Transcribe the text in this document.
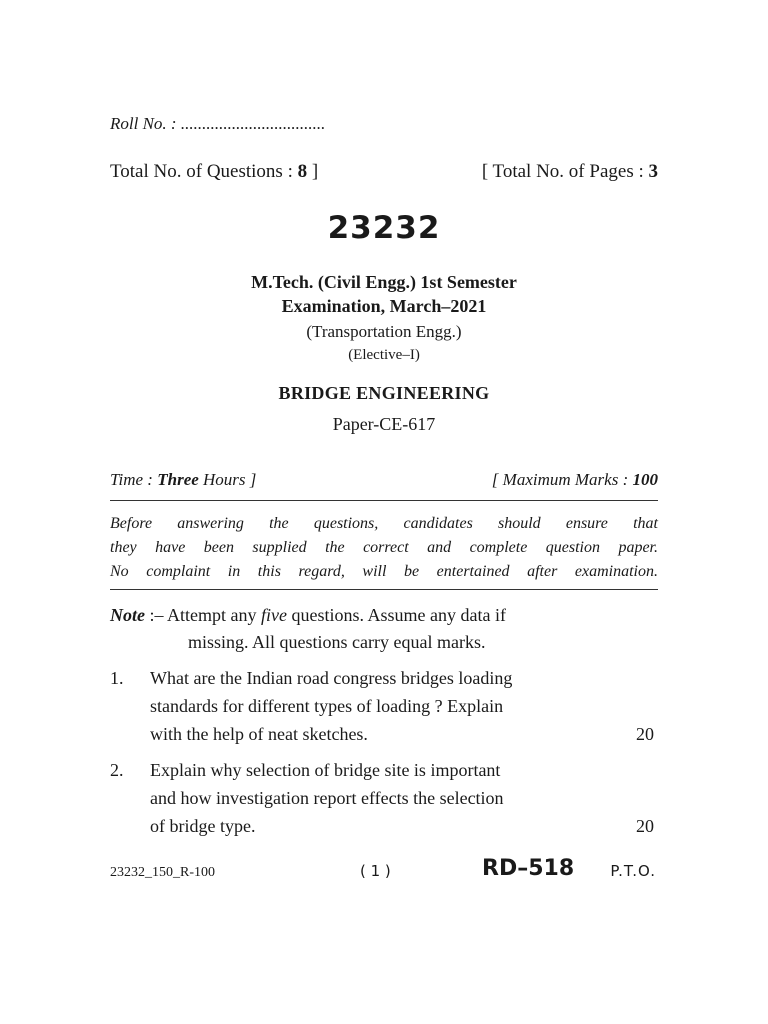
Roll No. : ..................................
Total No. of Questions : 8 ]	[ Total No. of Pages : 3
23232
M.Tech. (Civil Engg.) 1st Semester
Examination, March–2021
(Transportation Engg.)
(Elective–I)
BRIDGE ENGINEERING
Paper-CE-617
Time : Three Hours ]	[ Maximum Marks : 100
Before answering the questions, candidates should ensure that
they have been supplied the correct and complete question paper.
No complaint in this regard, will be entertained after examination.
Note :– Attempt any five questions. Assume any data if
missing. All questions carry equal marks.
1.	What are the Indian road congress bridges loading
standards for different types of loading ? Explain
with the help of neat sketches.	20
2.	Explain why selection of bridge site is important
and how investigation report effects the selection
of bridge type.	20
23232_150_R-100	( 1 )	RD–518 P.T.O.
